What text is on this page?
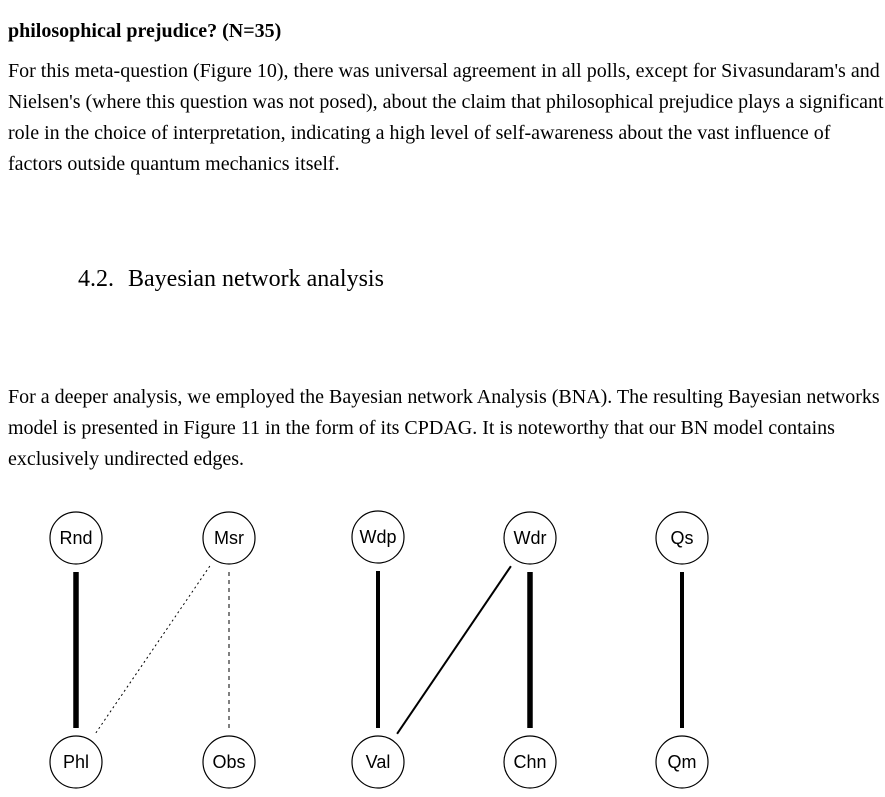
philosophical prejudice? (N=35)

For this meta-question (Figure 10), there was universal agreement in all polls, except for Sivasundaram's and Nielsen's (where this question was not posed), about the claim that philosophical prejudice plays a significant role in the choice of interpretation, indicating a high level of self-awareness about the vast influence of factors outside quantum mechanics itself.

4.2. Bayesian network analysis

For a deeper analysis, we employed the Bayesian network Analysis (BNA). The resulting Bayesian networks model is presented in Figure 11 in the form of its CPDAG. It is noteworthy that our BN model contains exclusively undirected edges.

Rnd	Msr	Wdp	Wdr	Qs
Phl	Obs	Val	Chn	Qm
